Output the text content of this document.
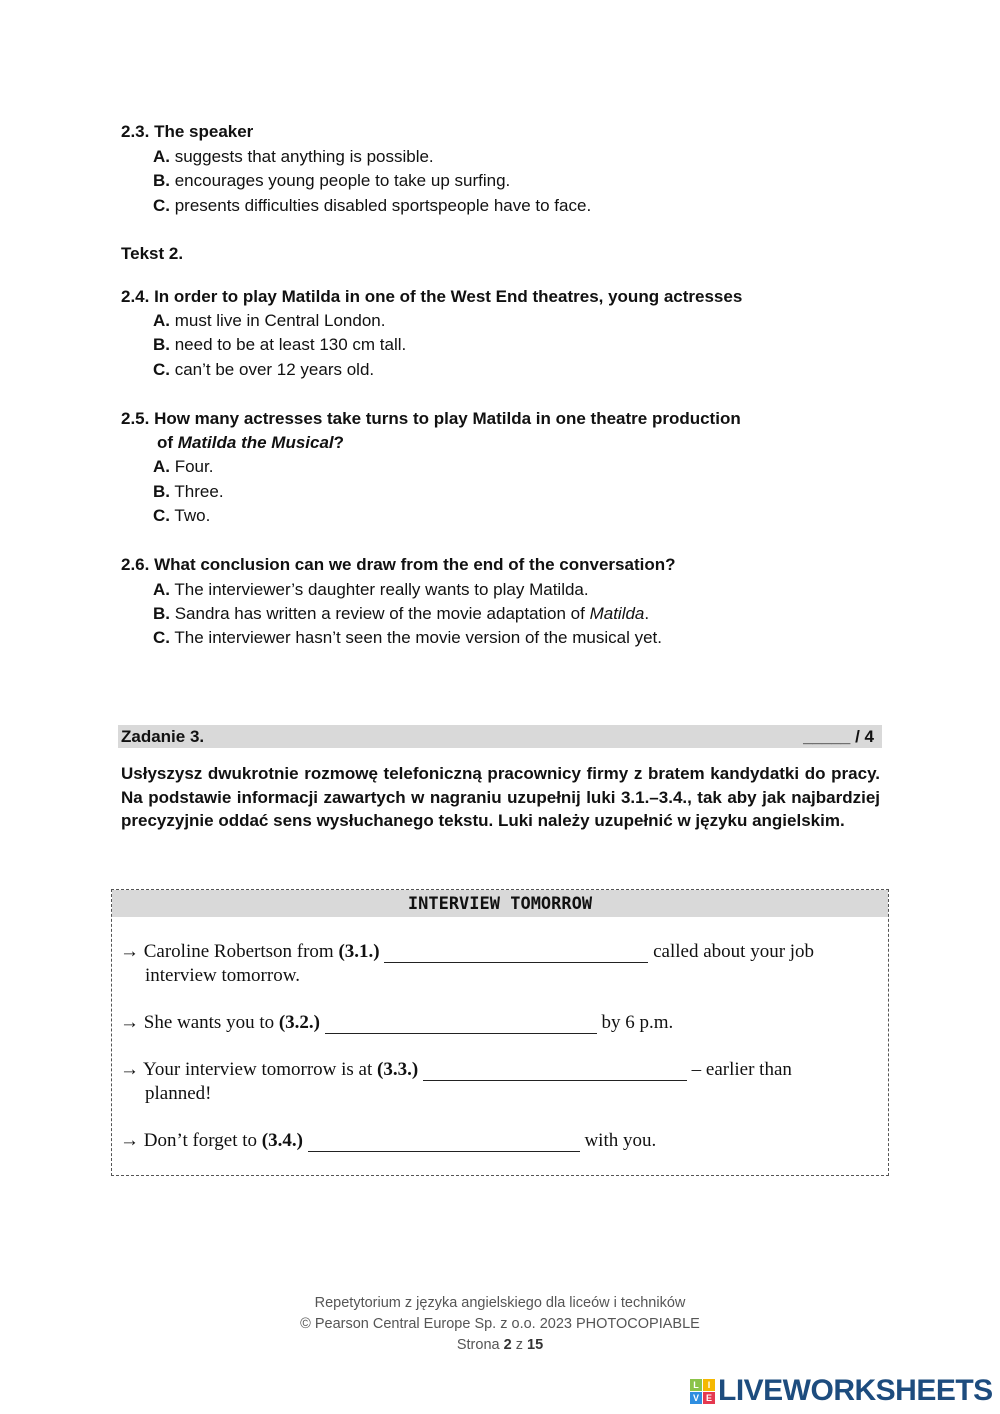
2.3. The speaker
A. suggests that anything is possible.
B. encourages young people to take up surfing.
C. presents difficulties disabled sportspeople have to face.
Tekst 2.
2.4. In order to play Matilda in one of the West End theatres, young actresses
A. must live in Central London.
B. need to be at least 130 cm tall.
C. can’t be over 12 years old.
2.5. How many actresses take turns to play Matilda in one theatre production
of Matilda the Musical?
A. Four.
B. Three.
C. Two.
2.6. What conclusion can we draw from the end of the conversation?
A. The interviewer’s daughter really wants to play Matilda.
B. Sandra has written a review of the movie adaptation of Matilda.
C. The interviewer hasn’t seen the movie version of the musical yet.
Zadanie 3.	_____ / 4
Usłyszysz dwukrotnie rozmowę telefoniczną pracownicy firmy z bratem kandydatki do pracy. Na podstawie informacji zawartych w nagraniu uzupełnij luki 3.1.–3.4., tak aby jak najbardziej precyzyjnie oddać sens wysłuchanego tekstu. Luki należy uzupełnić w języku angielskim.
INTERVIEW TOMORROW
→ Caroline Robertson from (3.1.)	called about your job
interview tomorrow.
→ She wants you to (3.2.)	by 6 p.m.
→ Your interview tomorrow is at (3.3.)	– earlier than
planned!
→ Don’t forget to (3.4.)	with you.
Repetytorium z języka angielskiego dla liceów i techników
© Pearson Central Europe Sp. z o.o. 2023 PHOTOCOPIABLE
Strona 2 z 15
L I
V E LIVEWORKSHEETS
